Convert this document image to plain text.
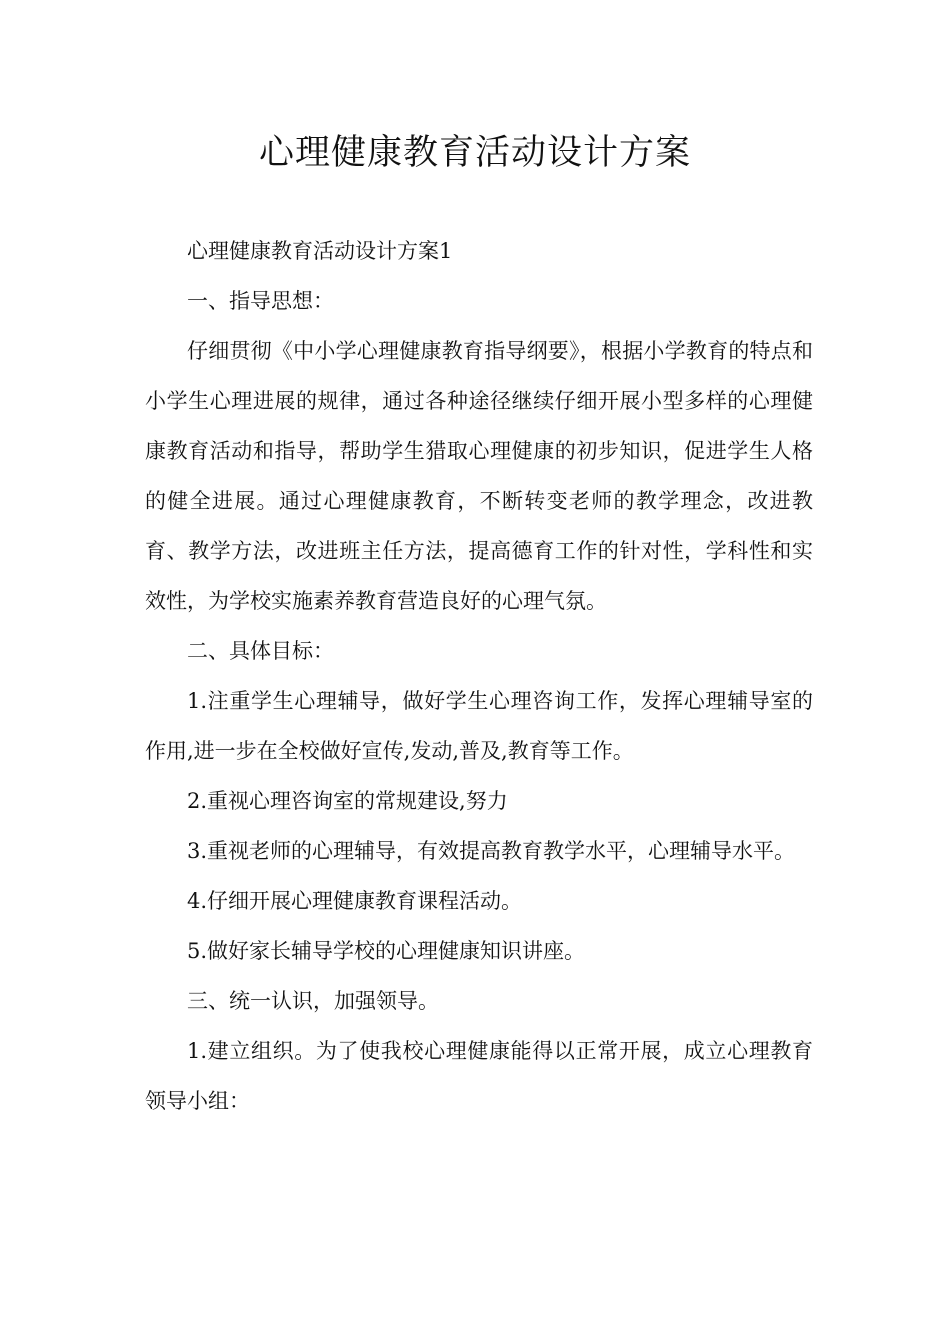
心理健康教育活动设计方案

心理健康教育活动设计方案1

一、指导思想：

仔细贯彻《中小学心理健康教育指导纲要》，根据小学教育的特点和小学生心理进展的规律，通过各种途径继续仔细开展小型多样的心理健康教育活动和指导，帮助学生猎取心理健康的初步知识，促进学生人格的健全进展。通过心理健康教育，不断转变老师的教学理念，改进教育、教学方法，改进班主任方法，提高德育工作的针对性，学科性和实效性，为学校实施素养教育营造良好的心理气氛。

二、具体目标：

1.注重学生心理辅导，做好学生心理咨询工作，发挥心理辅导室的作用,进一步在全校做好宣传,发动,普及,教育等工作。

2.重视心理咨询室的常规建设,努力

3.重视老师的心理辅导，有效提高教育教学水平，心理辅导水平。

4.仔细开展心理健康教育课程活动。

5.做好家长辅导学校的心理健康知识讲座。

三、统一认识，加强领导。

1.建立组织。为了使我校心理健康能得以正常开展，成立心理教育领导小组：
